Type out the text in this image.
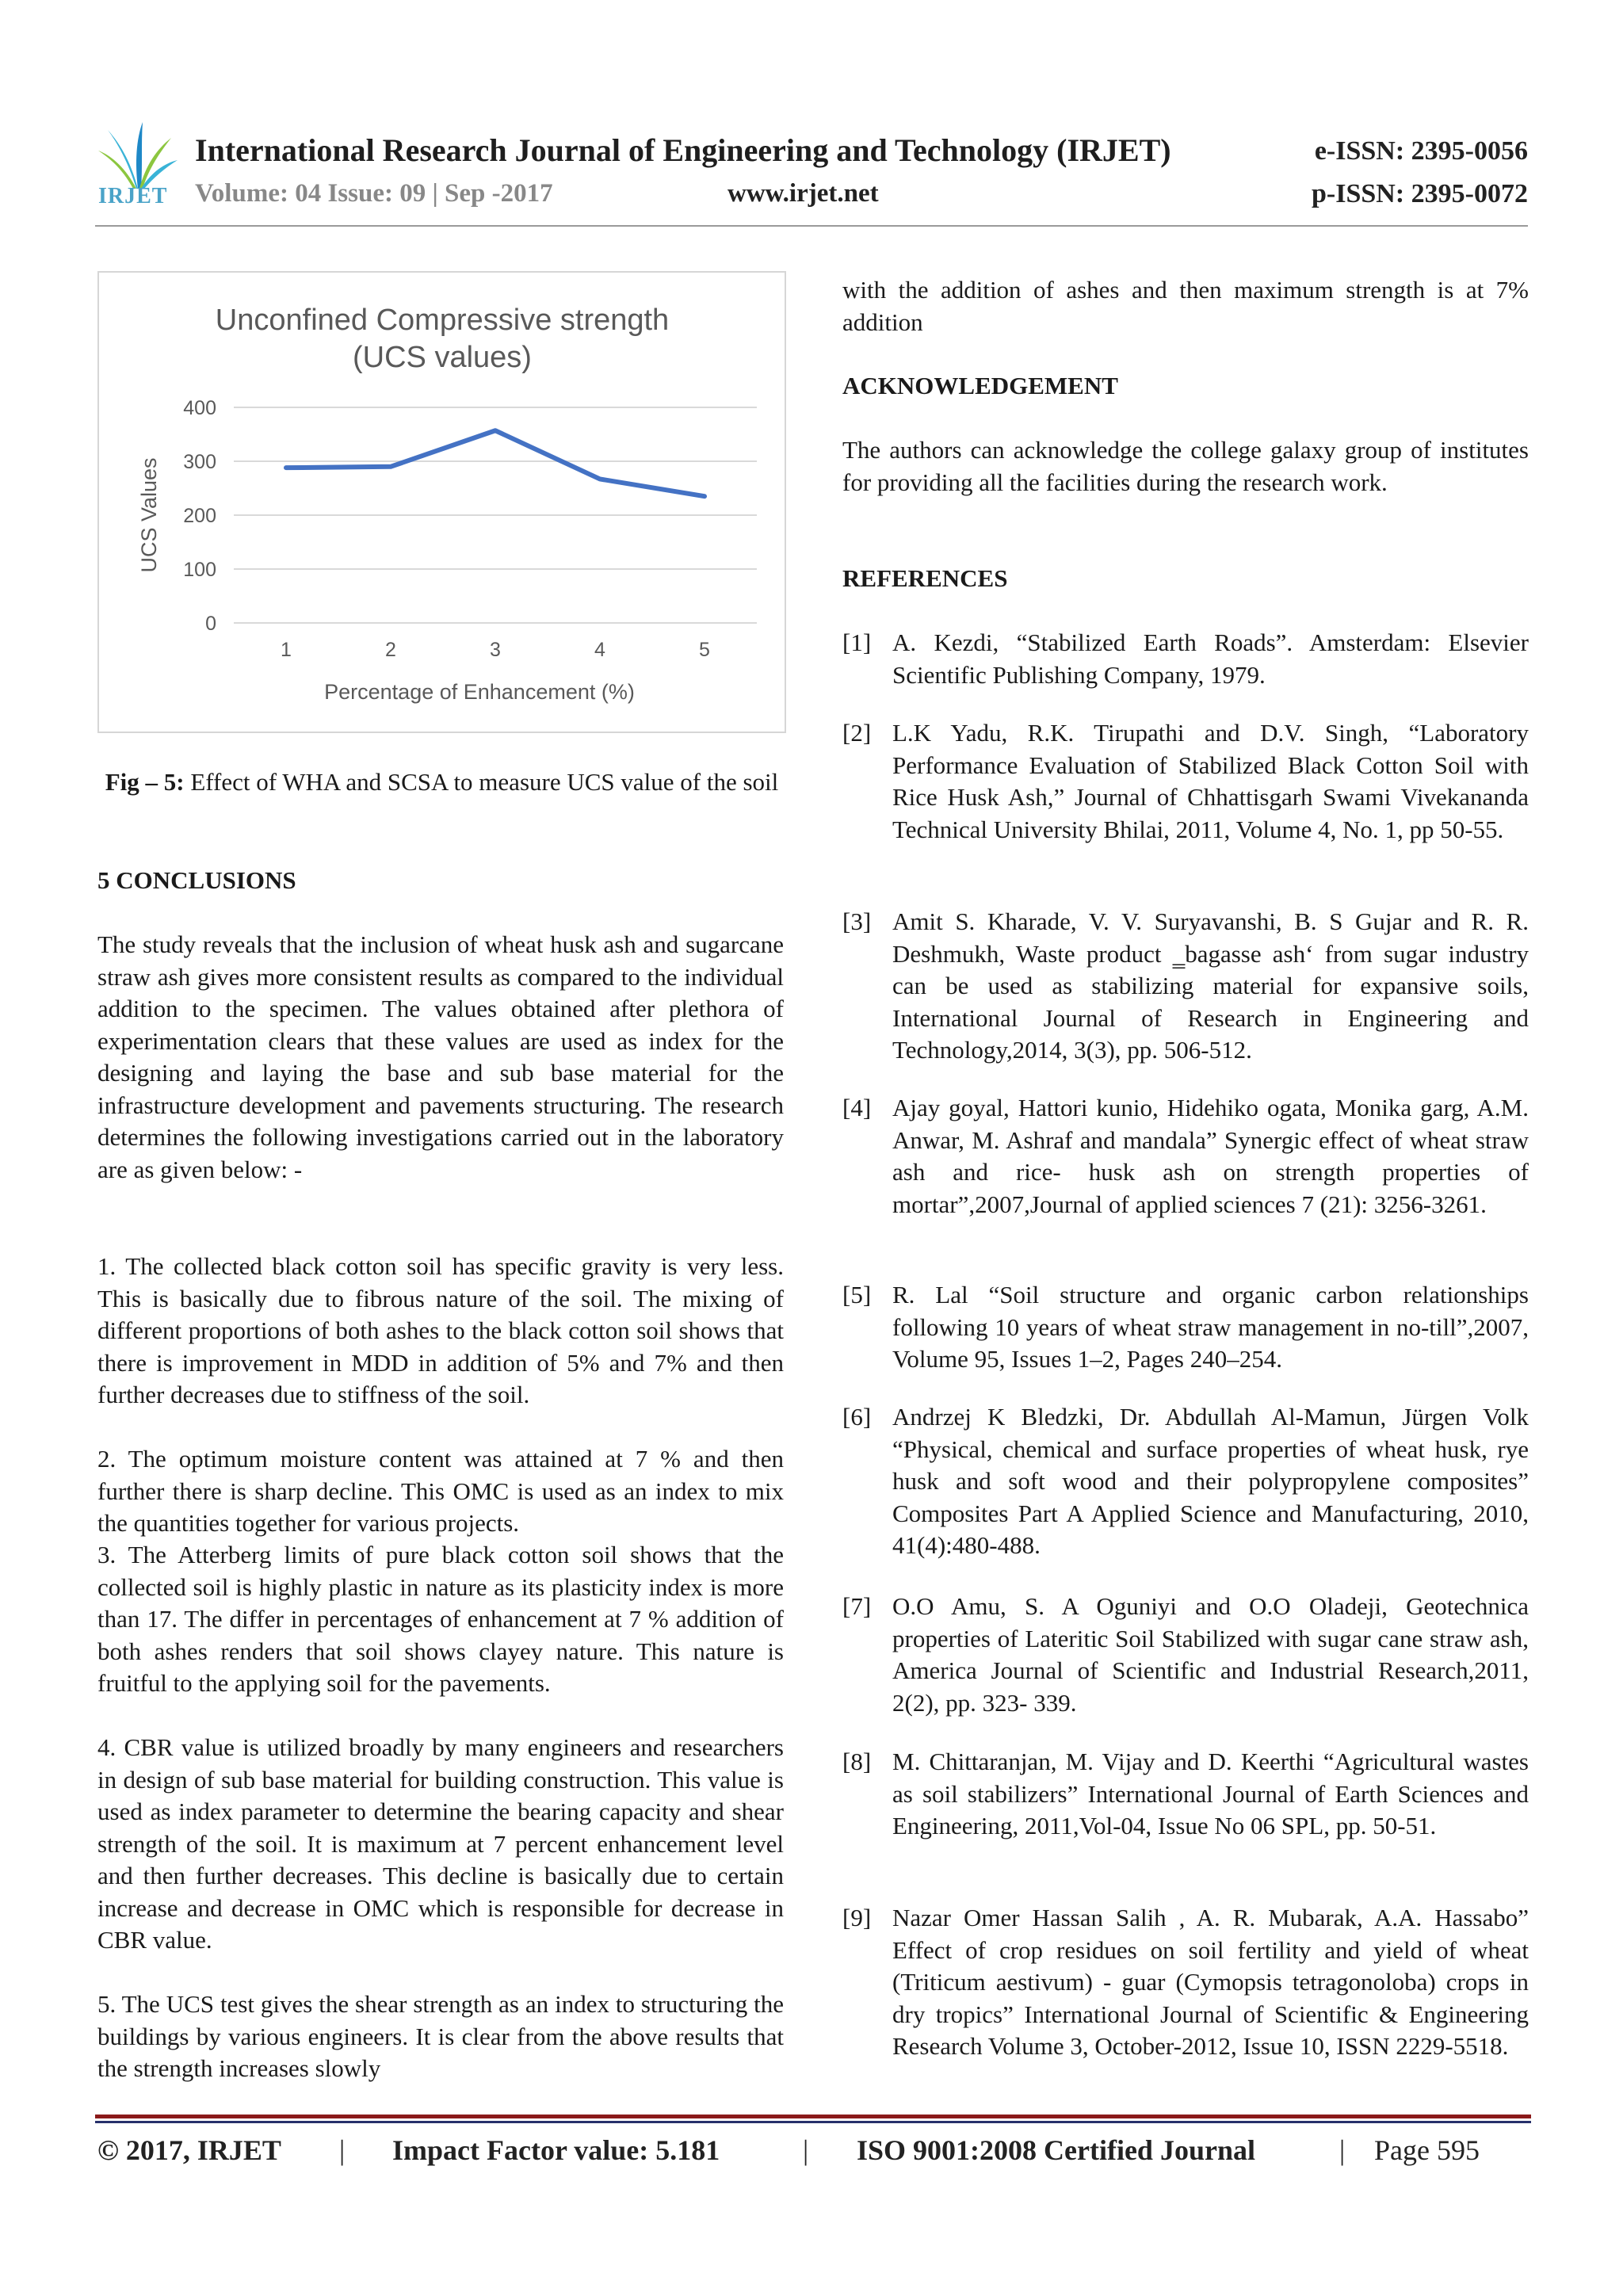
IRJET
International Research Journal of Engineering and Technology (IRJET)
Volume: 04 Issue: 09 | Sep -2017	www.irjet.net
e-ISSN: 2395-0056
p-ISSN: 2395-0072
Unconfined Compressive strength
(UCS values)
0
100
200
300
400
1	2	3	4	5
Percentage of Enhancement (%)
UCS Values
Fig – 5: Effect of WHA and SCSA to measure UCS value of the soil
5 CONCLUSIONS
The study reveals that the inclusion of wheat husk ash and sugarcane straw ash gives more consistent results as compared to the individual addition to the specimen. The values obtained after plethora of experimentation clears that these values are used as index for the designing and laying the base and sub base material for the infrastructure development and pavements structuring. The research determines the following investigations carried out in the laboratory are as given below: -
1. The collected black cotton soil has specific gravity is very less. This is basically due to fibrous nature of the soil. The mixing of different proportions of both ashes to the black cotton soil shows that there is improvement in MDD in addition of 5% and 7% and then further decreases due to stiffness of the soil.
2. The optimum moisture content was attained at 7 % and then further there is sharp decline. This OMC is used as an index to mix the quantities together for various projects.
3. The Atterberg limits of pure black cotton soil shows that the collected soil is highly plastic in nature as its plasticity index is more than 17. The differ in percentages of enhancement at 7 % addition of both ashes renders that soil shows clayey nature. This nature is fruitful to the applying soil for the pavements.
4. CBR value is utilized broadly by many engineers and researchers in design of sub base material for building construction. This value is used as index parameter to determine the bearing capacity and shear strength of the soil. It is maximum at 7 percent enhancement level and then further decreases. This decline is basically due to certain increase and decrease in OMC which is responsible for decrease in CBR value.
5. The UCS test gives the shear strength as an index to structuring the buildings by various engineers. It is clear from the above results that the strength increases slowly
with the addition of ashes and then maximum strength is at 7% addition
ACKNOWLEDGEMENT
The authors can acknowledge the college galaxy group of institutes for providing all the facilities during the research work.
REFERENCES
[1] A. Kezdi, “Stabilized Earth Roads”. Amsterdam: Elsevier Scientific Publishing Company, 1979.
[2] L.K Yadu, R.K. Tirupathi and D.V. Singh, “Laboratory Performance Evaluation of Stabilized Black Cotton Soil with Rice Husk Ash,” Journal of Chhattisgarh Swami Vivekananda Technical University Bhilai, 2011, Volume 4, No. 1, pp 50-55.
[3] Amit S. Kharade, V. V. Suryavanshi, B. S Gujar and R. R. Deshmukh, Waste product ‗bagasse ash‘ from sugar industry can be used as stabilizing material for expansive soils, International Journal of Research in Engineering and Technology,2014, 3(3), pp. 506-512.
[4] Ajay goyal, Hattori kunio, Hidehiko ogata, Monika garg, A.M. Anwar, M. Ashraf and mandala” Synergic effect of wheat straw ash and rice- husk ash on strength properties of mortar”,2007,Journal of applied sciences 7 (21): 3256-3261.
[5] R. Lal “Soil structure and organic carbon relationships following 10 years of wheat straw management in no-till”,2007, Volume 95, Issues 1–2, Pages 240–254.
[6] Andrzej K Bledzki, Dr. Abdullah Al-Mamun, Jürgen Volk “Physical, chemical and surface properties of wheat husk, rye husk and soft wood and their polypropylene composites” Composites Part A Applied Science and Manufacturing, 2010, 41(4):480-488.
[7] O.O Amu, S. A Oguniyi and O.O Oladeji, Geotechnica properties of Lateritic Soil Stabilized with sugar cane straw ash, America Journal of Scientific and Industrial Research,2011, 2(2), pp. 323- 339.
[8] M. Chittaranjan, M. Vijay and D. Keerthi “Agricultural wastes as soil stabilizers” International Journal of Earth Sciences and Engineering, 2011,Vol-04, Issue No 06 SPL, pp. 50-51.
[9] Nazar Omer Hassan Salih , A. R. Mubarak, A.A. Hassabo” Effect of crop residues on soil fertility and yield of wheat (Triticum aestivum) - guar (Cymopsis tetragonoloba) crops in dry tropics” International Journal of Scientific & Engineering Research Volume 3, October-2012, Issue 10, ISSN 2229-5518.
© 2017, IRJET | Impact Factor value: 5.181	| ISO 9001:2008 Certified Journal	| Page 595
